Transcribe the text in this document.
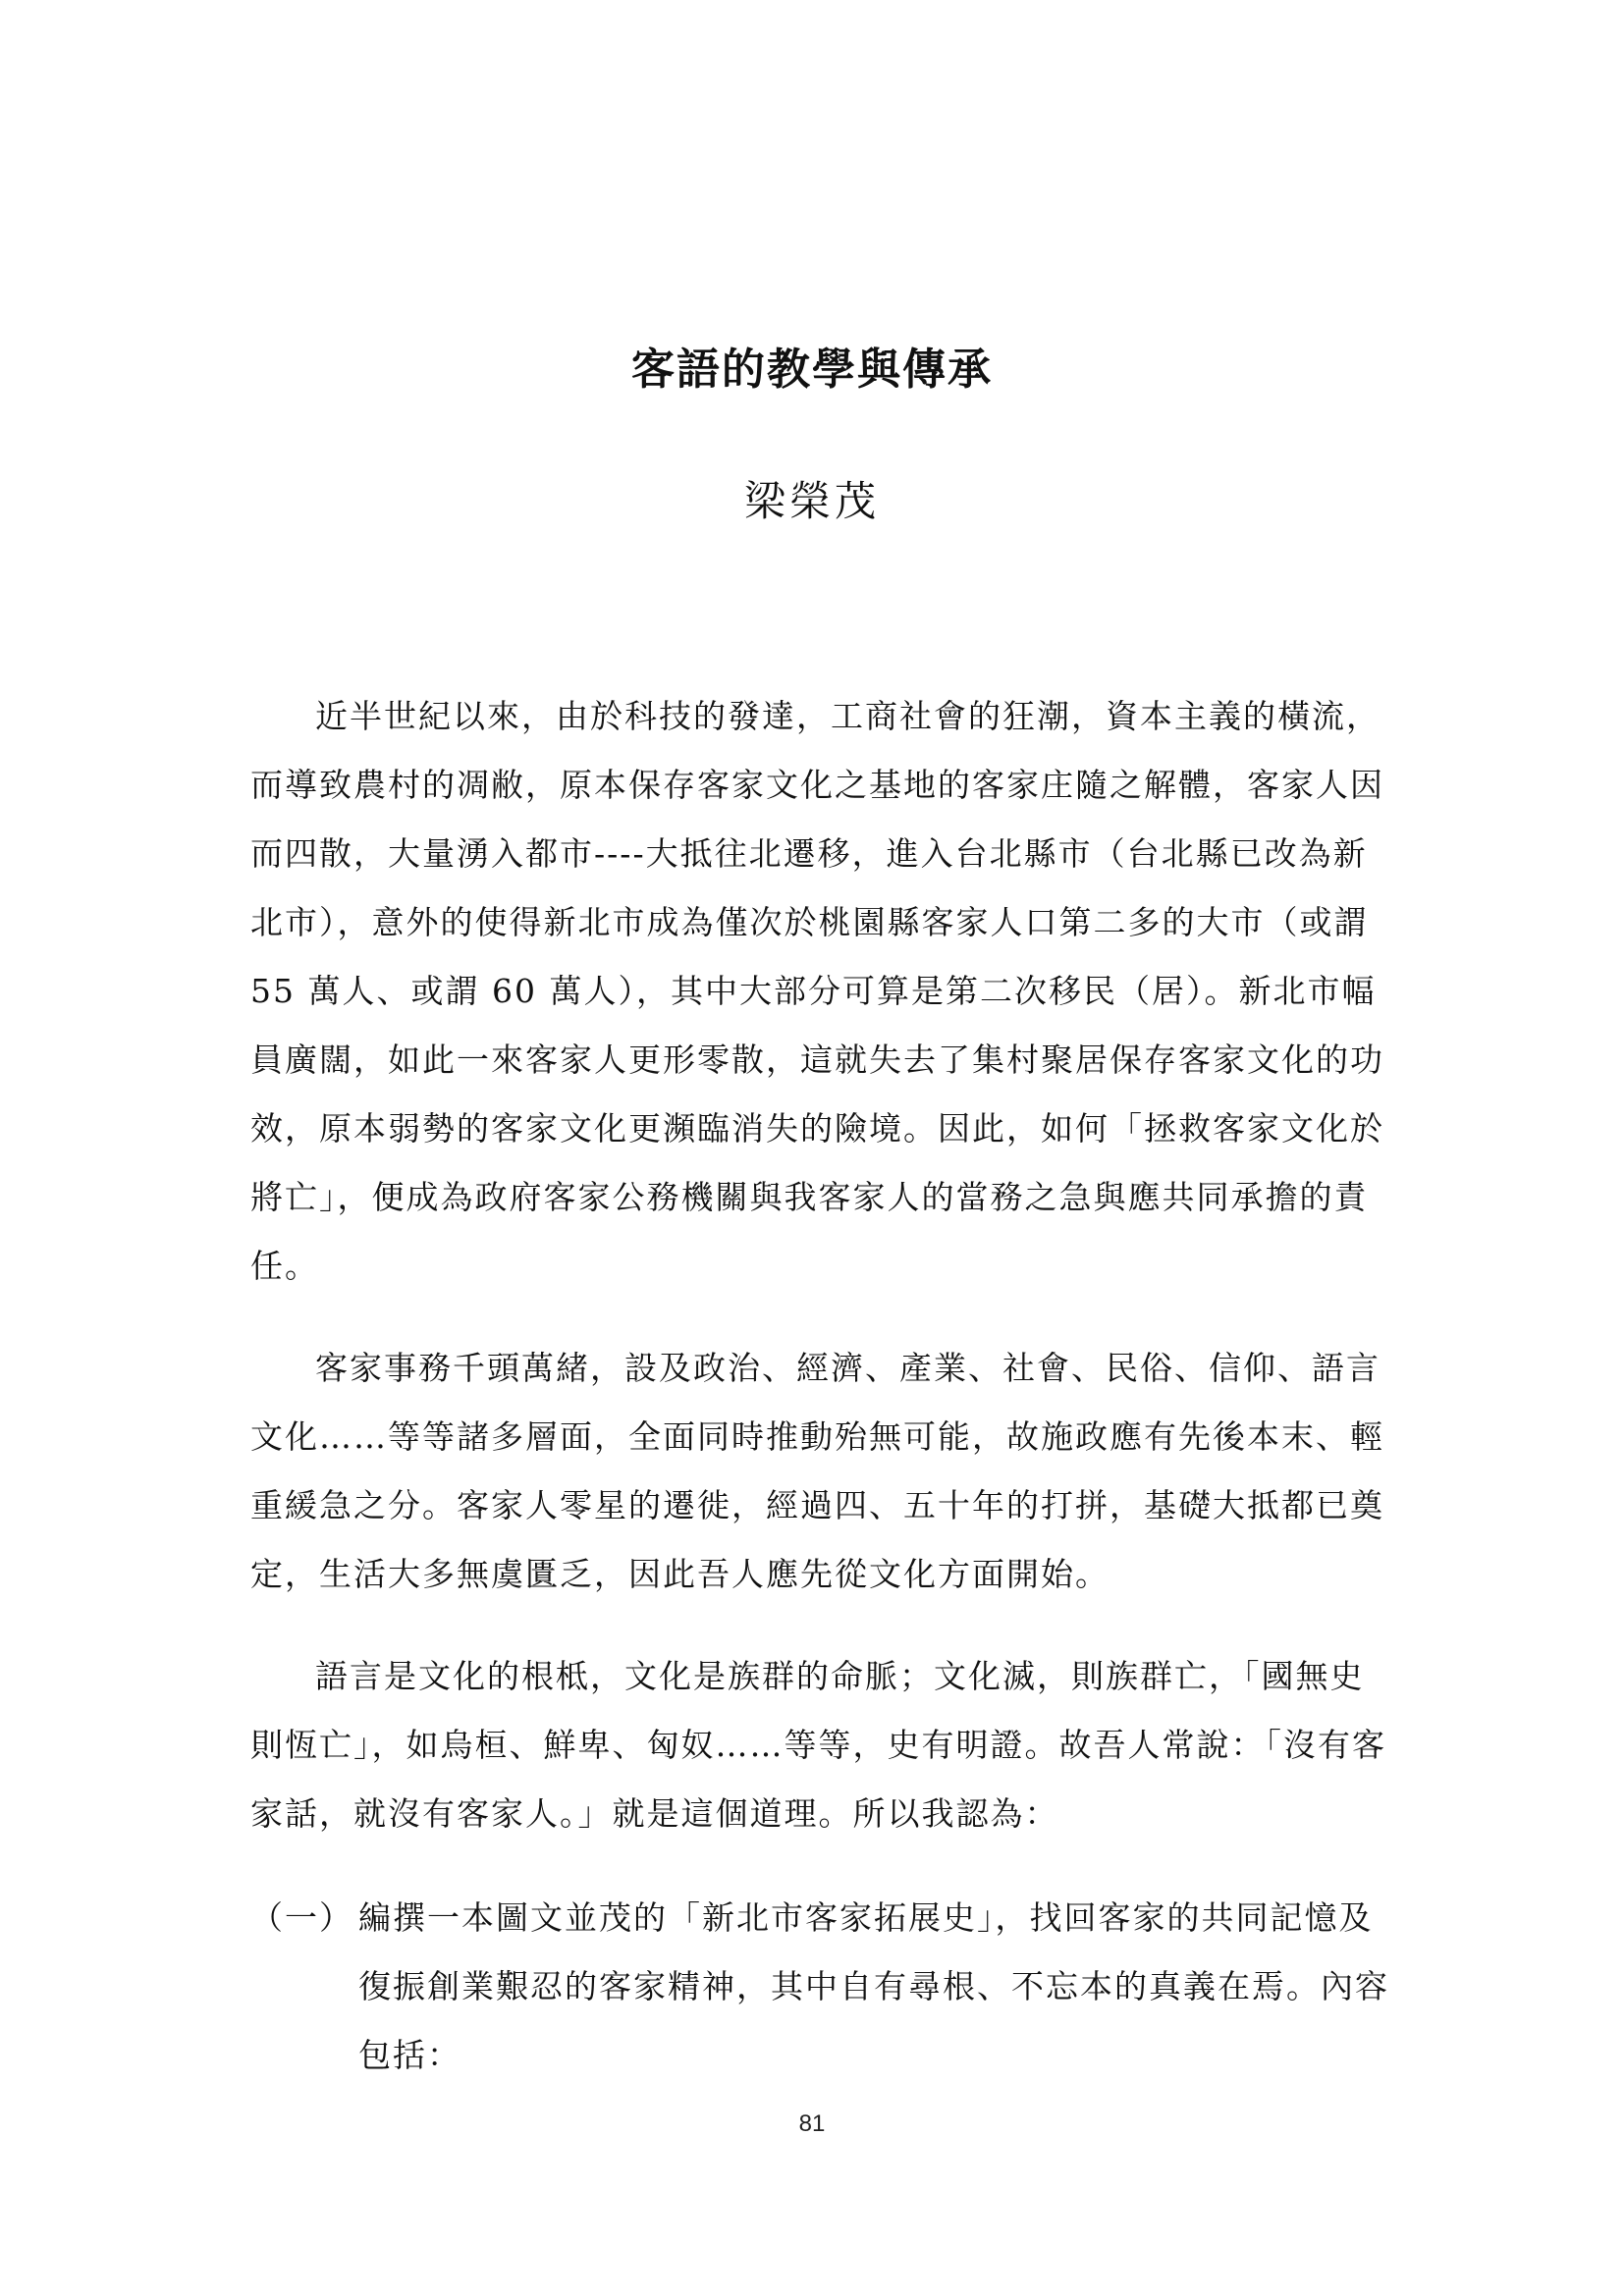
客語的教學與傳承
梁榮茂

近半世紀以來，由於科技的發達，工商社會的狂潮，資本主義的橫流，而導致農村的凋敝，原本保存客家文化之基地的客家庄隨之解體，客家人因而四散，大量湧入都市----大抵往北遷移，進入台北縣市（台北縣已改為新北市），意外的使得新北市成為僅次於桃園縣客家人口第二多的大市（或謂 55 萬人、或謂 60 萬人），其中大部分可算是第二次移民（居）。新北市幅員廣闊，如此一來客家人更形零散，這就失去了集村聚居保存客家文化的功效，原本弱勢的客家文化更瀕臨消失的險境。因此，如何「拯救客家文化於將亡」，便成為政府客家公務機關與我客家人的當務之急與應共同承擔的責任。

客家事務千頭萬緒，設及政治、經濟、產業、社會、民俗、信仰、語言文化……等等諸多層面，全面同時推動殆無可能，故施政應有先後本末、輕重緩急之分。客家人零星的遷徙，經過四、五十年的打拼，基礎大抵都已奠定，生活大多無虞匱乏，因此吾人應先從文化方面開始。

語言是文化的根柢，文化是族群的命脈；文化滅，則族群亡，「國無史則恆亡」，如烏桓、鮮卑、匈奴……等等，史有明證。故吾人常說：「沒有客家話，就沒有客家人。」就是這個道理。所以我認為：

（一） 編撰一本圖文並茂的「新北市客家拓展史」，找回客家的共同記憶及復振創業艱忍的客家精神，其中自有尋根、不忘本的真義在焉。內容包括：
81
